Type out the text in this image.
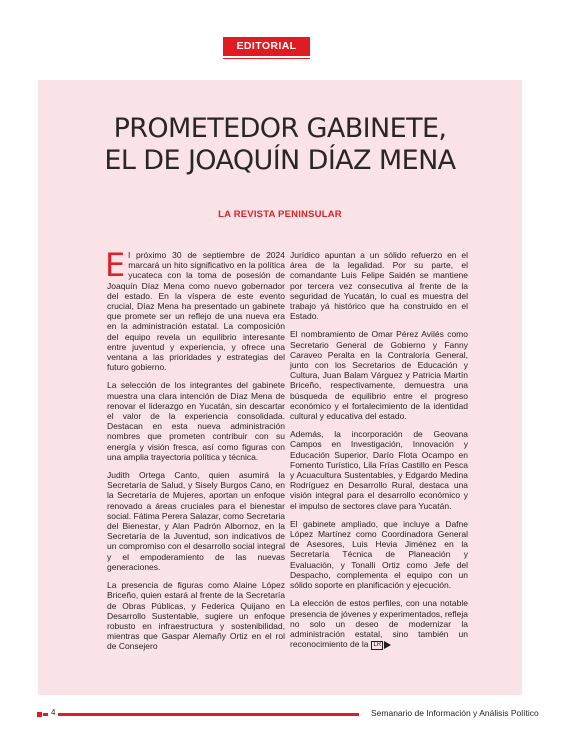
EDITORIAL
PROMETEDOR GABINETE,
EL DE JOAQUÍN DÍAZ MENA
LA REVISTA PENINSULAR

El próximo 30 de septiembre de 2024 marcará un hito significativo en la política yucateca con la toma de posesión de Joaquín Díaz Mena como nuevo gobernador del estado. En la víspera de este evento crucial, Díaz Mena ha presentado un gabinete que promete ser un reflejo de una nueva era en la administración estatal. La composición del equipo revela un equilibrio interesante entre juventud y experiencia, y ofrece una ventana a las prioridades y estrategias del futuro gobierno.

La selección de los integrantes del gabinete muestra una clara intención de Díaz Mena de renovar el liderazgo en Yucatán, sin descartar el valor de la experiencia consolidada. Destacan en esta nueva administración nombres que prometen contribuir con su energía y visión fresca, así como figuras con una amplia trayectoria política y técnica.

Judith Ortega Canto, quien asumirá la Secretaría de Salud, y Sisely Burgos Cano, en la Secretaría de Mujeres, aportan un enfoque renovado a áreas cruciales para el bienestar social. Fátima Perera Salazar, como Secretaria del Bienestar, y Alan Padrón Albornoz, en la Secretaría de la Juventud, son indicativos de un compromiso con el desarrollo social integral y el empoderamiento de las nuevas generaciones.

La presencia de figuras como Alaine López Briceño, quien estará al frente de la Secretaría de Obras Públicas, y Federica Quijano en Desarrollo Sustentable, sugiere un enfoque robusto en infraestructura y sostenibilidad, mientras que Gaspar Alemañy Ortiz en el rol de Consejero

Jurídico apuntan a un sólido refuerzo en el área de la legalidad. Por su parte, el comandante Luis Felipe Saidén se mantiene por tercera vez consecutiva al frente de la seguridad de Yucatán, lo cual es muestra del trabajo yá histórico que ha construido en el Estado.

El nombramiento de Omar Pérez Avilés como Secretario General de Gobierno y Fanny Caraveo Peralta en la Contraloría General, junto con los Secretarios de Educación y Cultura, Juan Balam Várguez y Patricia Martín Briceño, respectivamente, demuestra una búsqueda de equilibrio entre el progreso económico y el fortalecimiento de la identidad cultural y educativa del estado.

Además, la incorporación de Geovana Campos en Investigación, Innovación y Educación Superior, Darío Flota Ocampo en Fomento Turístico, Lila Frías Castillo en Pesca y Acuacultura Sustentables, y Edgardo Medina Rodríguez en Desarrollo Rural, destaca una visión integral para el desarrollo económico y el impulso de sectores clave para Yucatán.

El gabinete ampliado, que incluye a Dafne López Martínez como Coordinadora General de Asesores, Luis Hevia Jiménez en la Secretaría Técnica de Planeación y Evaluación, y Tonalli Ortiz como Jefe del Despacho, complementa el equipo con un sólido soporte en planificación y ejecución.

La elección de estos perfiles, con una notable presencia de jóvenes y experimentados, refleja no solo un deseo de modernizar la administración estatal, sino también un reconocimiento de la LR

4	Semanario de Información y Análisis Político
